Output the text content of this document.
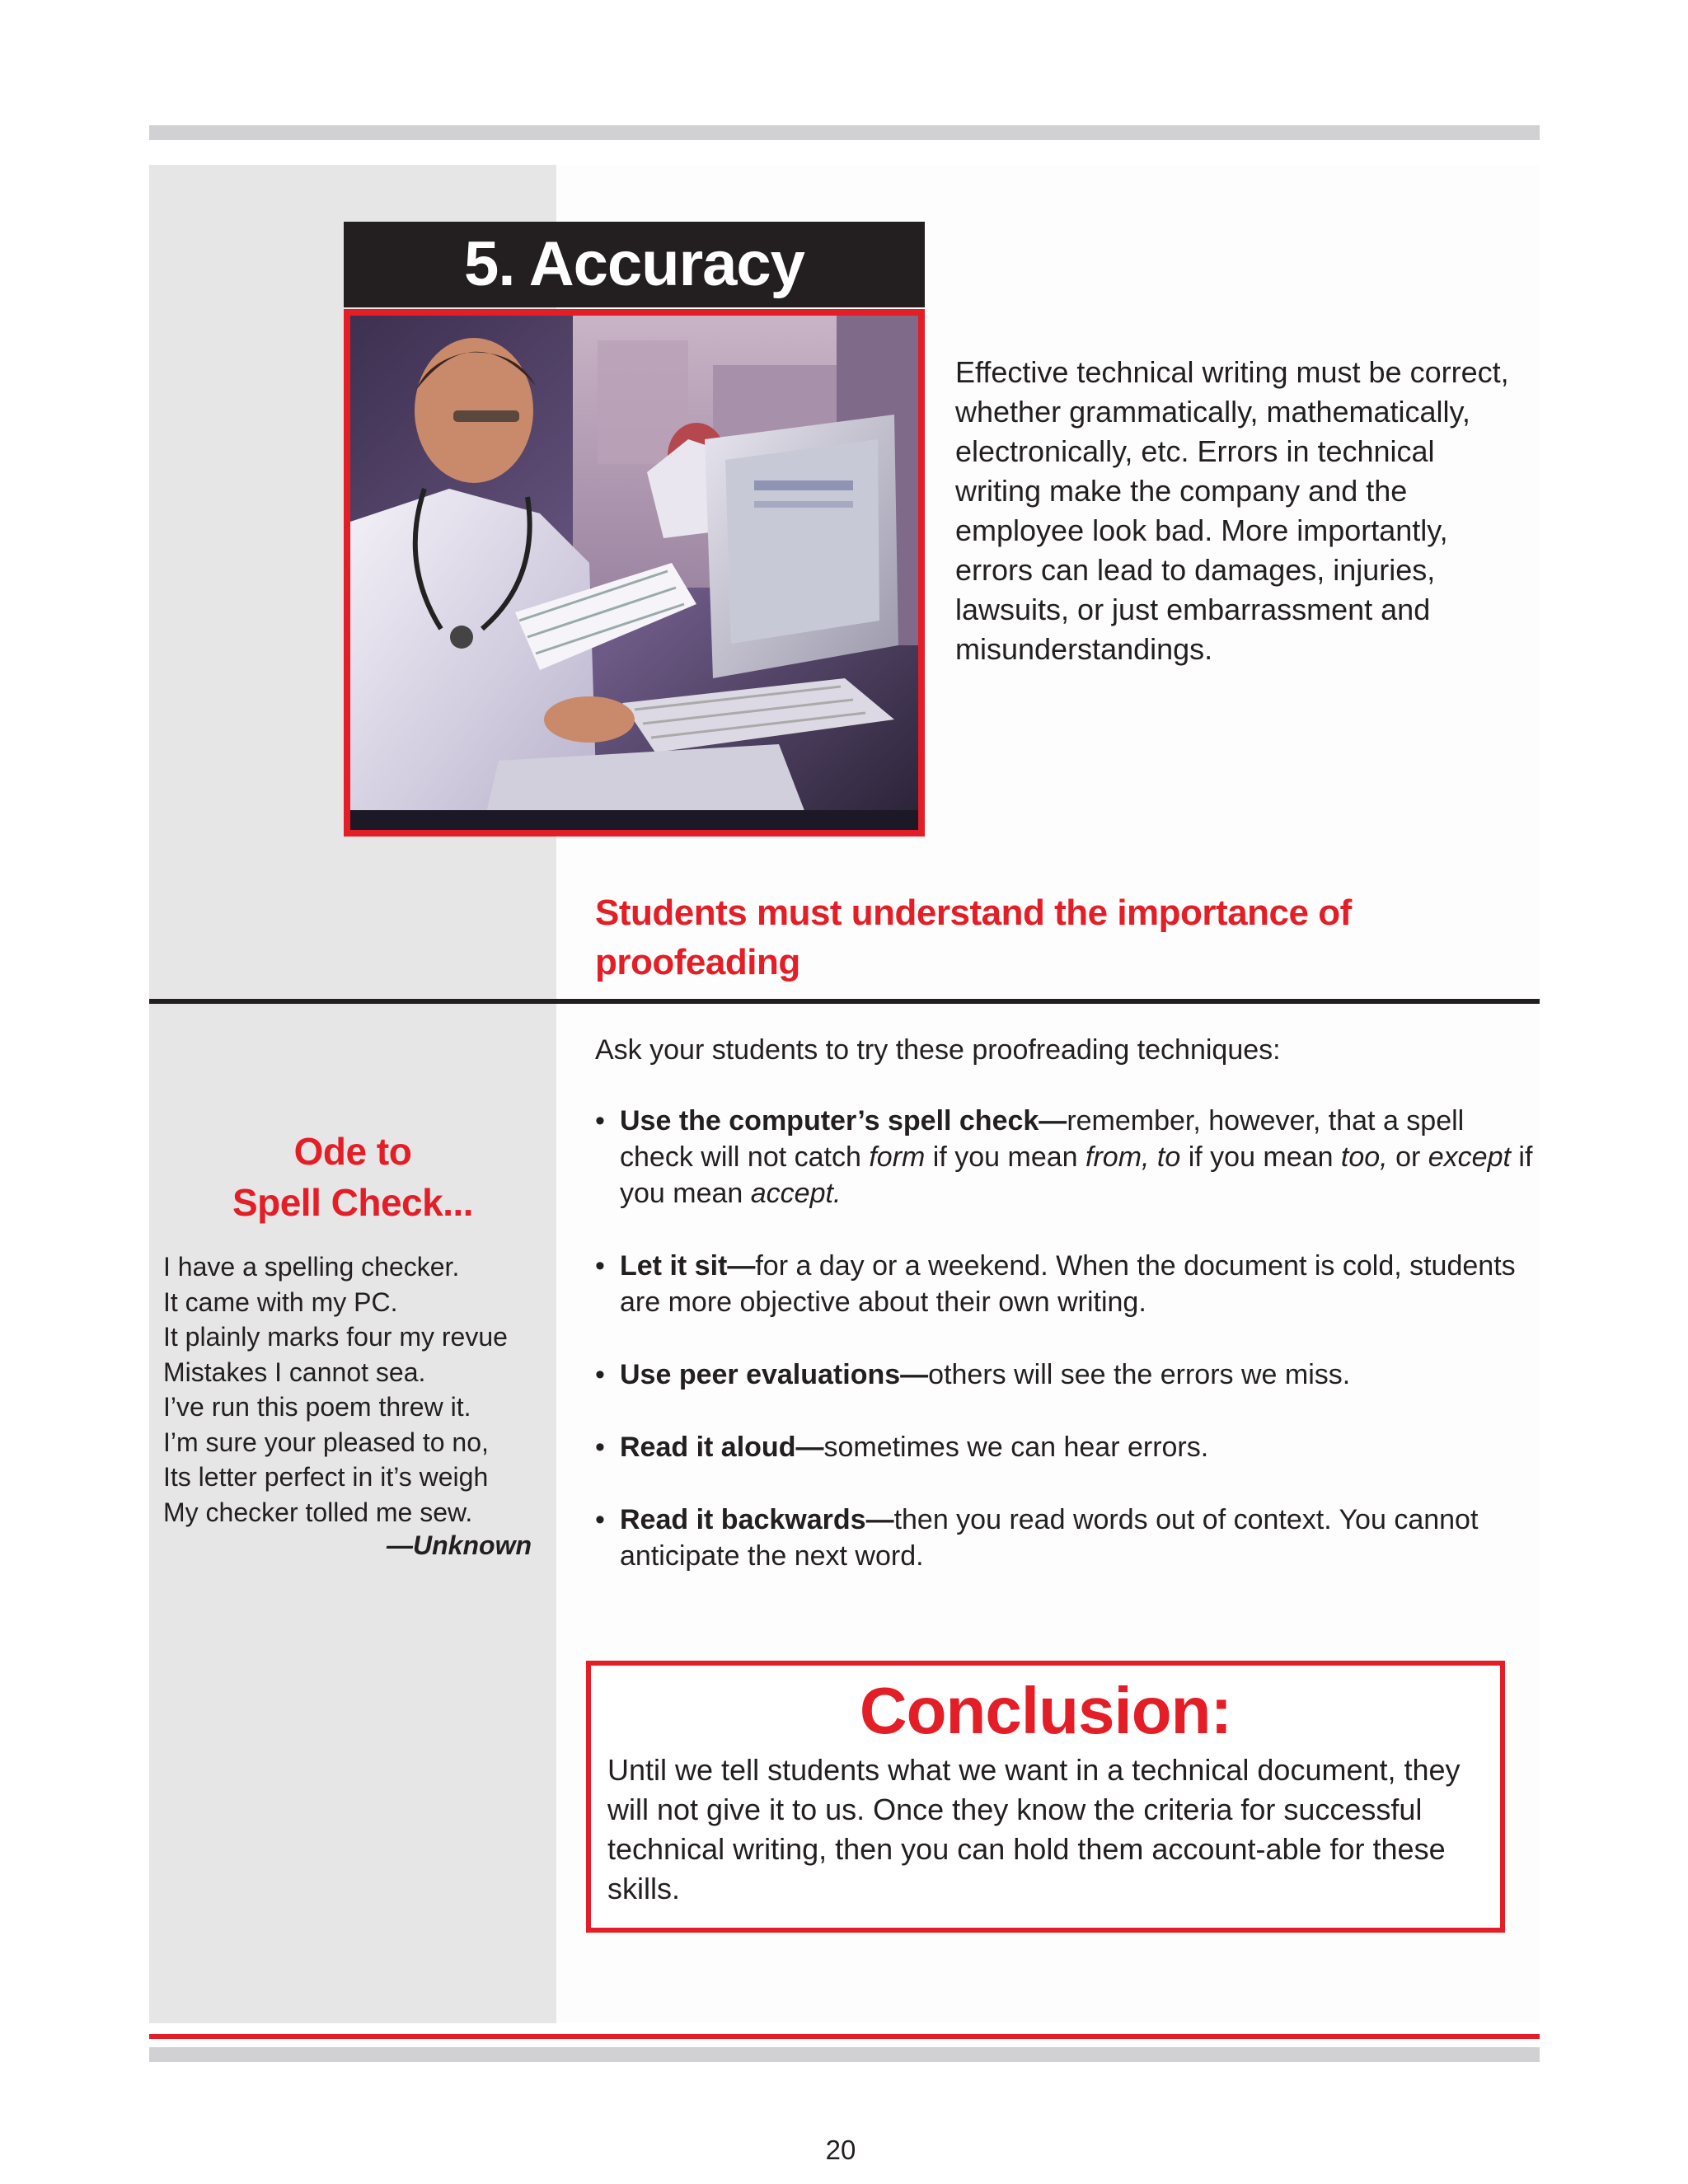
5. Accuracy
Effective technical writing must be correct, whether grammatically, mathematically, electronically, etc. Errors in technical writing make the company and the employee look bad. More importantly, errors can lead to damages, injuries, lawsuits, or just embarrassment and misunderstandings.
Students must understand the importance of proofeading
Ode to
Spell Check...
I have a spelling checker.
It came with my PC.
It plainly marks four my revue
Mistakes I cannot sea.
I’ve run this poem threw it.
I’m sure your pleased to no,
Its letter perfect in it’s weigh
My checker tolled me sew.
—Unknown
Ask your students to try these proofreading techniques:
• Use the computer’s spell check—remember, however, that a spell check will not catch form if you mean from, to if you mean too, or except if you mean accept.
• Let it sit—for a day or a weekend. When the document is cold, students are more objective about their own writing.
• Use peer evaluations—others will see the errors we miss.
• Read it aloud—sometimes we can hear errors.
• Read it backwards—then you read words out of context. You cannot anticipate the next word.
Conclusion:
Until we tell students what we want in a technical document, they will not give it to us. Once they know the criteria for successful technical writing, then you can hold them account-able for these skills.
20
